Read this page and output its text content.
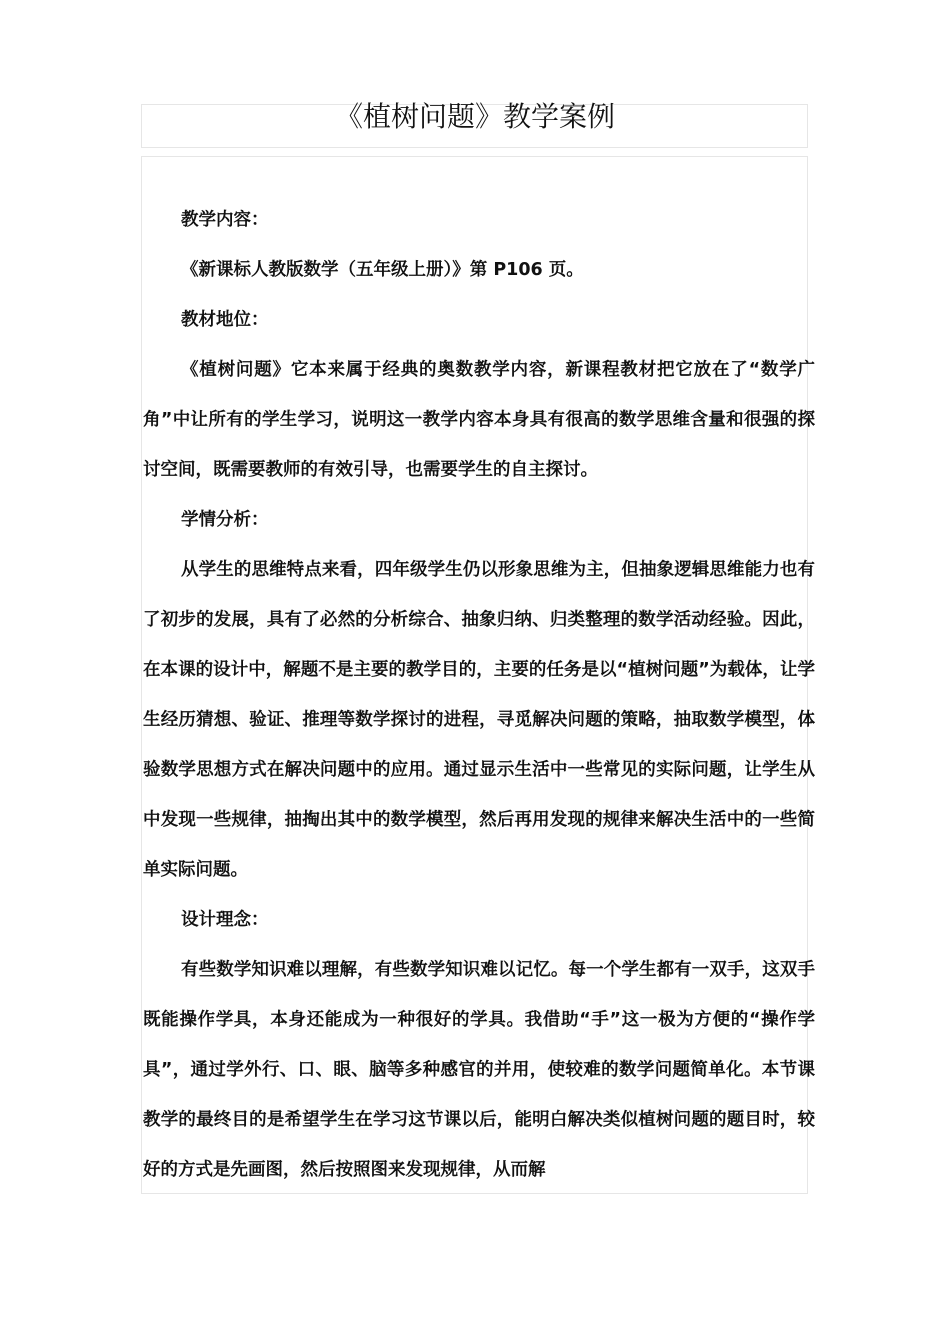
《植树问题》教学案例

教学内容：

《新课标人教版数学（五年级上册）》第 P106 页。

教材地位：

《植树问题》它本来属于经典的奥数教学内容，新课程教材把它放在了“数学广角”中让所有的学生学习，说明这一教学内容本身具有很高的数学思维含量和很强的探讨空间，既需要教师的有效引导，也需要学生的自主探讨。

学情分析：

从学生的思维特点来看，四年级学生仍以形象思维为主，但抽象逻辑思维能力也有了初步的发展，具有了必然的分析综合、抽象归纳、归类整理的数学活动经验。因此，在本课的设计中，解题不是主要的教学目的，主要的任务是以“植树问题”为载体，让学生经历猜想、验证、推理等数学探讨的进程，寻觅解决问题的策略，抽取数学模型，体验数学思想方式在解决问题中的应用。通过显示生活中一些常见的实际问题，让学生从中发现一些规律，抽掏出其中的数学模型，然后再用发现的规律来解决生活中的一些简单实际问题。

设计理念：

有些数学知识难以理解，有些数学知识难以记忆。每一个学生都有一双手，这双手既能操作学具，本身还能成为一种很好的学具。我借助“手”这一极为方便的“操作学具”，通过学外行、口、眼、脑等多种感官的并用，使较难的数学问题简单化。本节课教学的最终目的是希望学生在学习这节课以后，能明白解决类似植树问题的题目时，较好的方式是先画图，然后按照图来发现规律，从而解
